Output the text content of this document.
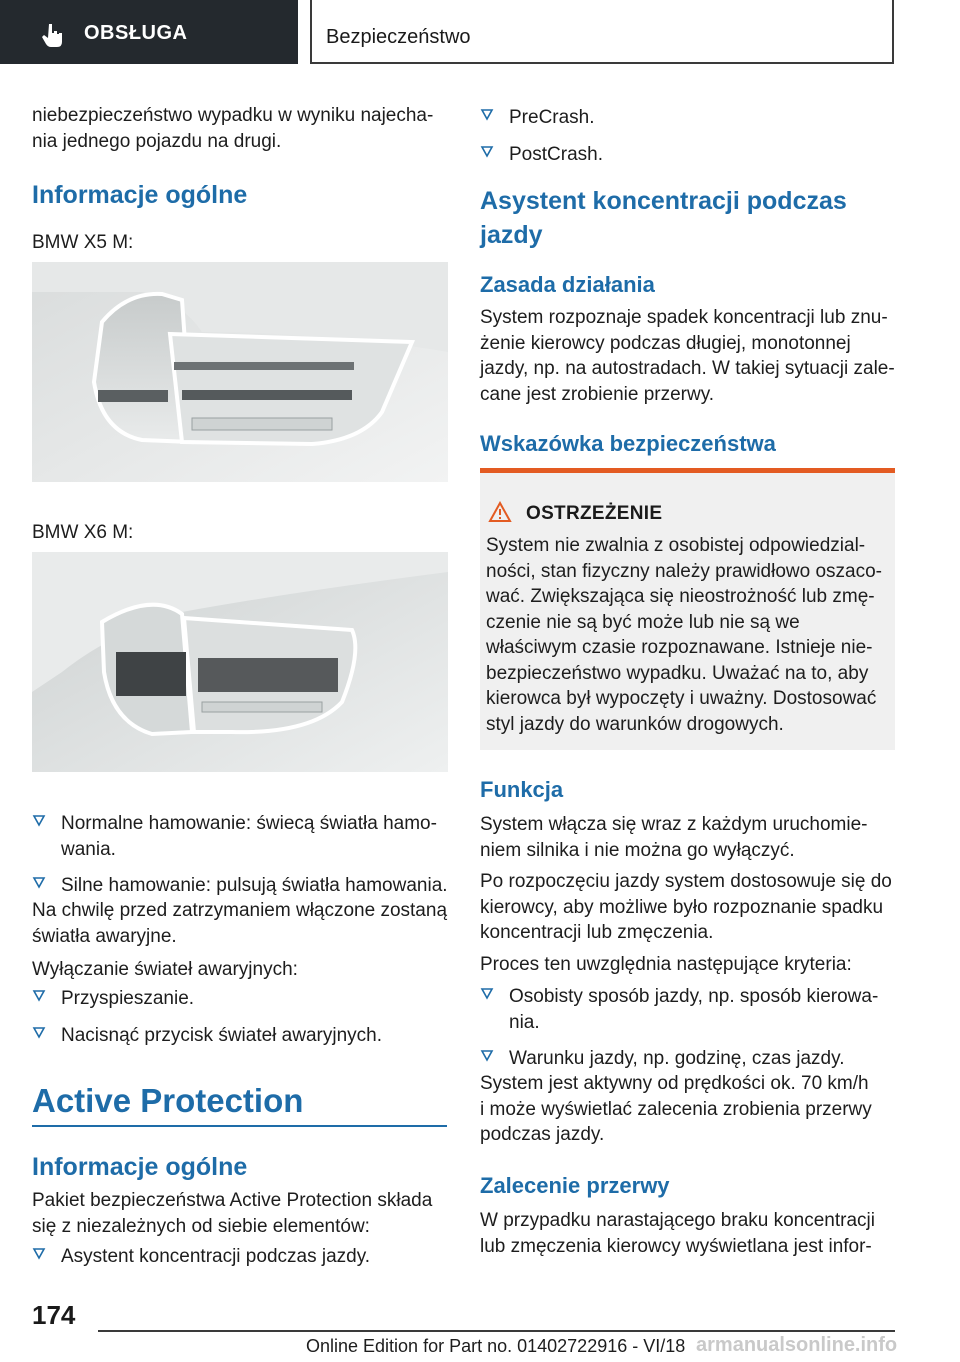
OBSŁUGA	Bezpieczeństwo

niebezpieczeństwo wypadku w wyniku najecha-
nia jednego pojazdu na drugi.

Informacje ogólne

BMW X5 M:

BMW X6 M:

Normalne hamowanie: świecą światła hamo-
wania.

Silne hamowanie: pulsują światła hamowania.

Na chwilę przed zatrzymaniem włączone zostaną
światła awaryjne.

Wyłączanie świateł awaryjnych:

Przyspieszanie.

Nacisnąć przycisk świateł awaryjnych.

Active Protection
Informacje ogólne

Pakiet bezpieczeństwa Active Protection składa
się z niezależnych od siebie elementów:

Asystent koncentracji podczas jazdy.

PreCrash.

PostCrash.

Asystent koncentracji podczas
jazdy
Zasada działania

System rozpoznaje spadek koncentracji lub znu-
żenie kierowcy podczas długiej, monotonnej
jazdy, np. na autostradach. W takiej sytuacji zale-
cane jest zrobienie przerwy.

Wskazówka bezpieczeństwa
OSTRZEŻENIE

System nie zwalnia z osobistej odpowiedzial-
ności, stan fizyczny należy prawidłowo oszaco-
wać. Zwiększająca się nieostrożność lub zmę-
czenie nie są być może lub nie są we
właściwym czasie rozpoznawane. Istnieje nie-
bezpieczeństwo wypadku. Uważać na to, aby
kierowca był wypoczęty i uważny. Dostosować
styl jazdy do warunków drogowych.

Funkcja

System włącza się wraz z każdym uruchomie-
niem silnika i nie można go wyłączyć.

Po rozpoczęciu jazdy system dostosowuje się do
kierowcy, aby możliwe było rozpoznanie spadku
koncentracji lub zmęczenia.

Proces ten uwzględnia następujące kryteria:

Osobisty sposób jazdy, np. sposób kierowa-
nia.

Warunku jazdy, np. godzinę, czas jazdy.

System jest aktywny od prędkości ok. 70 km/h
i może wyświetlać zalecenia zrobienia przerwy
podczas jazdy.

Zalecenie przerwy

W przypadku narastającego braku koncentracji
lub zmęczenia kierowcy wyświetlana jest infor-

174
Online Edition for Part no. 01402722916 - VI/18 armanualsonline.info
